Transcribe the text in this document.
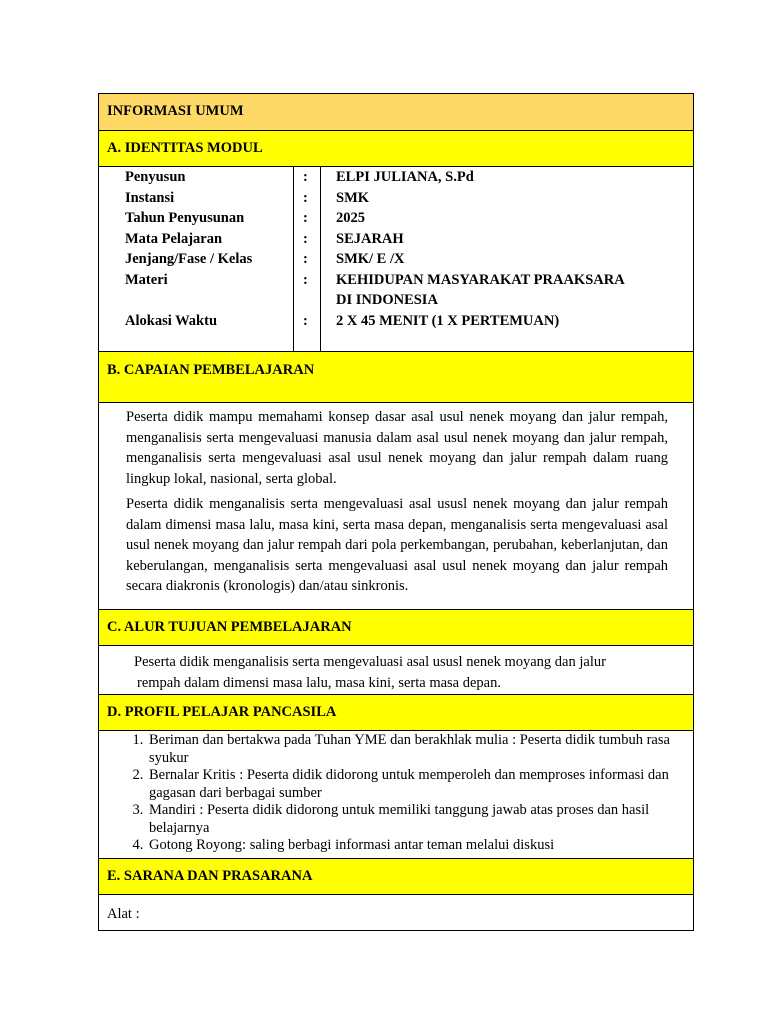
INFORMASI UMUM
A. IDENTITAS MODUL
Penyusun	: ELPI JULIANA, S.Pd
Instansi	: SMK
Tahun Penyusunan	: 2025
Mata Pelajaran	: SEJARAH
Jenjang/Fase / Kelas	: SMK/ E /X
Materi	: KEHIDUPAN MASYARAKAT PRAAKSARA
DI INDONESIA
Alokasi Waktu	: 2 X 45 MENIT (1 X PERTEMUAN)
B. CAPAIAN PEMBELAJARAN

Peserta didik mampu memahami konsep dasar asal usul nenek moyang dan jalur rempah, menganalisis serta mengevaluasi manusia dalam asal usul nenek moyang dan jalur rempah, menganalisis serta mengevaluasi asal usul nenek moyang dan jalur rempah dalam ruang lingkup lokal, nasional, serta global.

Peserta didik menganalisis serta mengevaluasi asal ususl nenek moyang dan jalur rempah dalam dimensi masa lalu, masa kini, serta masa depan, menganalisis serta mengevaluasi asal usul nenek moyang dan jalur rempah dari pola perkembangan, perubahan, keberlanjutan, dan keberulangan, menganalisis serta mengevaluasi asal usul nenek moyang dan jalur rempah secara diakronis (kronologis) dan/atau sinkronis.

C. ALUR TUJUAN PEMBELAJARAN

Peserta didik menganalisis serta mengevaluasi asal ususl nenek moyang dan jalur

rempah dalam dimensi masa lalu, masa kini, serta masa depan.

D. PROFIL PELAJAR PANCASILA
1. Beriman dan bertakwa pada Tuhan YME dan berakhlak mulia : Peserta didik tumbuh rasa syukur
2. Bernalar Kritis : Peserta didik didorong untuk memperoleh dan memproses informasi dan gagasan dari berbagai sumber
3. Mandiri : Peserta didik didorong untuk memiliki tanggung jawab atas proses dan hasil belajarnya
4. Gotong Royong: saling berbagi informasi antar teman melalui diskusi
E. SARANA DAN PRASARANA
Alat :
